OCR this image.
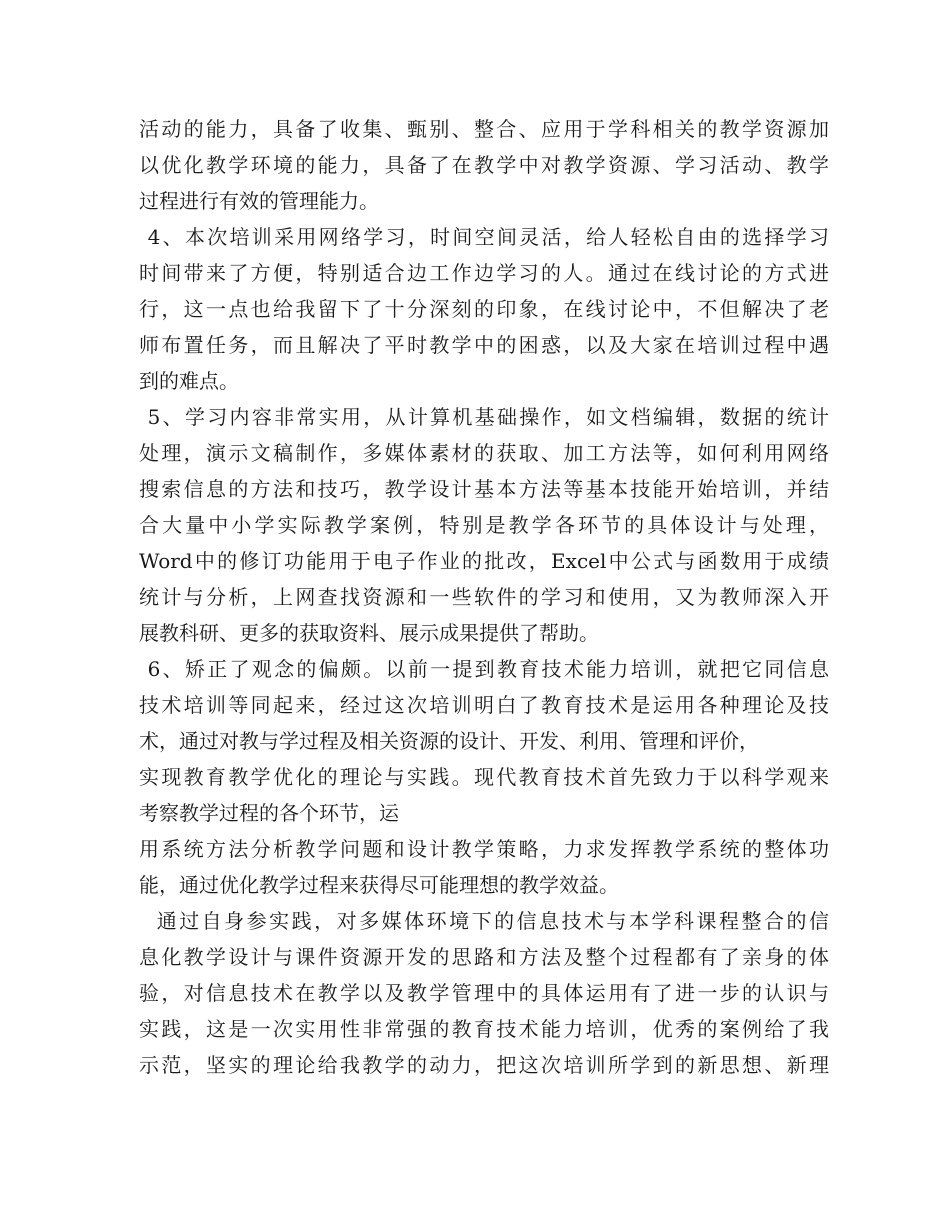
活动的能力，具备了收集、甄别、整合、应用于学科相关的教学资源加
以优化教学环境的能力，具备了在教学中对教学资源、学习活动、教学
过程进行有效的管理能力。
4、本次培训采用网络学习，时间空间灵活，给人轻松自由的选择学习
时间带来了方便，特别适合边工作边学习的人。通过在线讨论的方式进
行，这一点也给我留下了十分深刻的印象，在线讨论中，不但解决了老
师布置任务，而且解决了平时教学中的困惑，以及大家在培训过程中遇
到的难点。
5、学习内容非常实用，从计算机基础操作，如文档编辑，数据的统计
处理，演示文稿制作，多媒体素材的获取、加工方法等，如何利用网络
搜索信息的方法和技巧，教学设计基本方法等基本技能开始培训，并结
合大量中小学实际教学案例，特别是教学各环节的具体设计与处理，
Word中的修订功能用于电子作业的批改，Excel中公式与函数用于成绩
统计与分析，上网查找资源和一些软件的学习和使用，又为教师深入开
展教科研、更多的获取资料、展示成果提供了帮助。
6、矫正了观念的偏颇。以前一提到教育技术能力培训，就把它同信息
技术培训等同起来，经过这次培训明白了教育技术是运用各种理论及技
术，通过对教与学过程及相关资源的设计、开发、利用、管理和评价，
实现教育教学优化的理论与实践。现代教育技术首先致力于以科学观来
考察教学过程的各个环节，运
用系统方法分析教学问题和设计教学策略，力求发挥教学系统的整体功
能，通过优化教学过程来获得尽可能理想的教学效益。
通过自身参实践，对多媒体环境下的信息技术与本学科课程整合的信
息化教学设计与课件资源开发的思路和方法及整个过程都有了亲身的体
验，对信息技术在教学以及教学管理中的具体运用有了进一步的认识与
实践，这是一次实用性非常强的教育技术能力培训，优秀的案例给了我
示范，坚实的理论给我教学的动力，把这次培训所学到的新思想、新理
